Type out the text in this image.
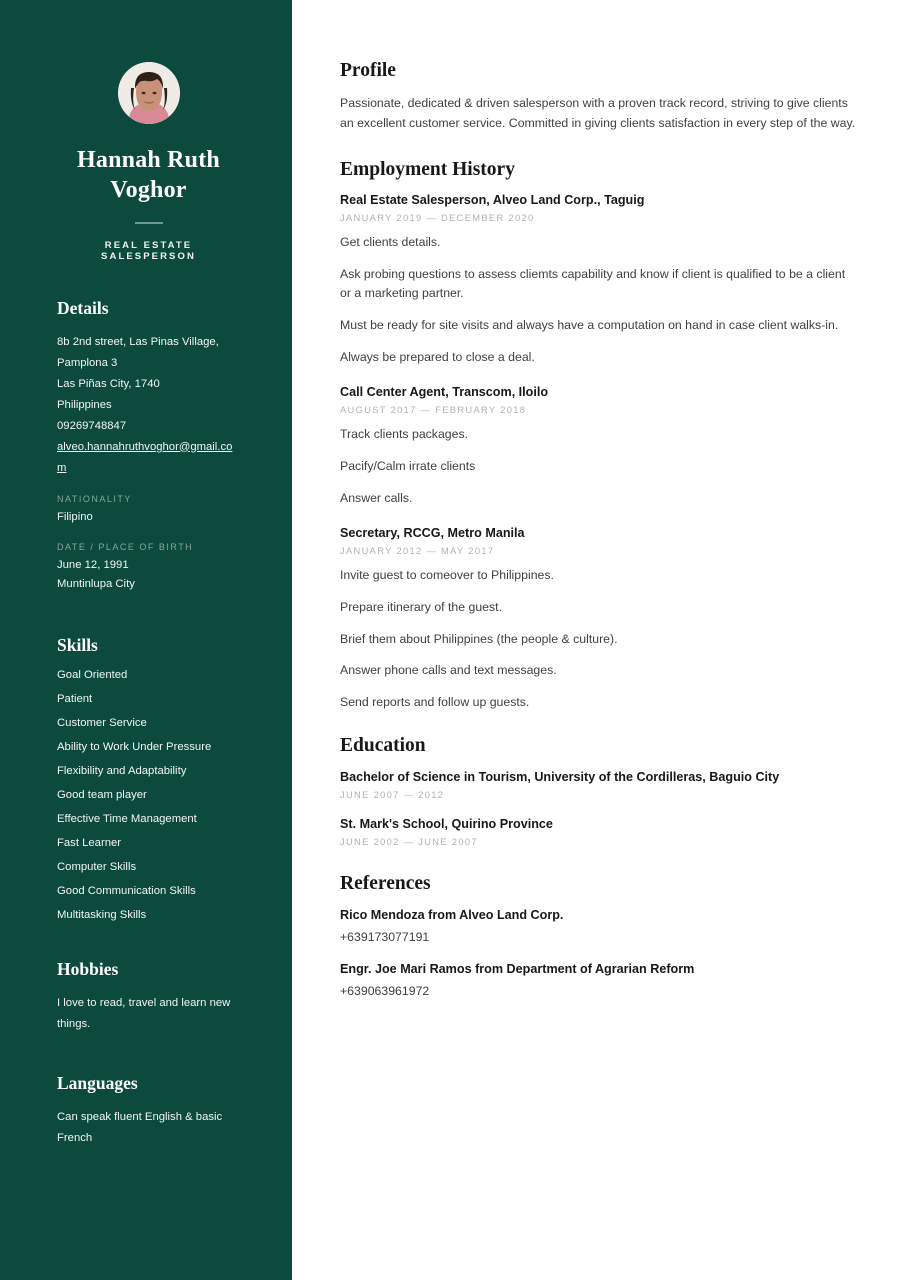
Hannah Ruth Voghor
REAL ESTATE SALESPERSON
Details
8b 2nd street, Las Pinas Village,
Pamplona 3
Las Piñas City, 1740
Philippines
09269748847
alveo.hannahruthvoghor@gmail.com
NATIONALITY
Filipino
DATE / PLACE OF BIRTH
June 12, 1991
Muntinlupa City
Skills
Goal Oriented
Patient
Customer Service
Ability to Work Under Pressure
Flexibility and Adaptability
Good team player
Effective Time Management
Fast Learner
Computer Skills
Good Communication Skills
Multitasking Skills
Hobbies
I love to read, travel and learn new things.
Languages
Can speak fluent English & basic French
Profile

Passionate, dedicated & driven salesperson with a proven track record, striving to give clients an excellent customer service. Committed in giving clients satisfaction in every step of the way.

Employment History
Real Estate Salesperson, Alveo Land Corp., Taguig
JANUARY 2019 — DECEMBER 2020
Get clients details.
Ask probing questions to assess cliemts capability and know if client is qualified to be a client or a marketing partner.
Must be ready for site visits and always have a computation on hand in case client walks-in.
Always be prepared to close a deal.
Call Center Agent, Transcom, Iloilo
AUGUST 2017 — FEBRUARY 2018
Track clients packages.
Pacify/Calm irrate clients
Answer calls.
Secretary, RCCG, Metro Manila
JANUARY 2012 — MAY 2017
Invite guest to comeover to Philippines.
Prepare itinerary of the guest.
Brief them about Philippines (the people & culture).
Answer phone calls and text messages.
Send reports and follow up guests.
Education
Bachelor of Science in Tourism, University of the Cordilleras, Baguio City
JUNE 2007 — 2012
St. Mark's School, Quirino Province
JUNE 2002 — JUNE 2007
References
Rico Mendoza from Alveo Land Corp.
+639173077191
Engr. Joe Mari Ramos from Department of Agrarian Reform
+639063961972
